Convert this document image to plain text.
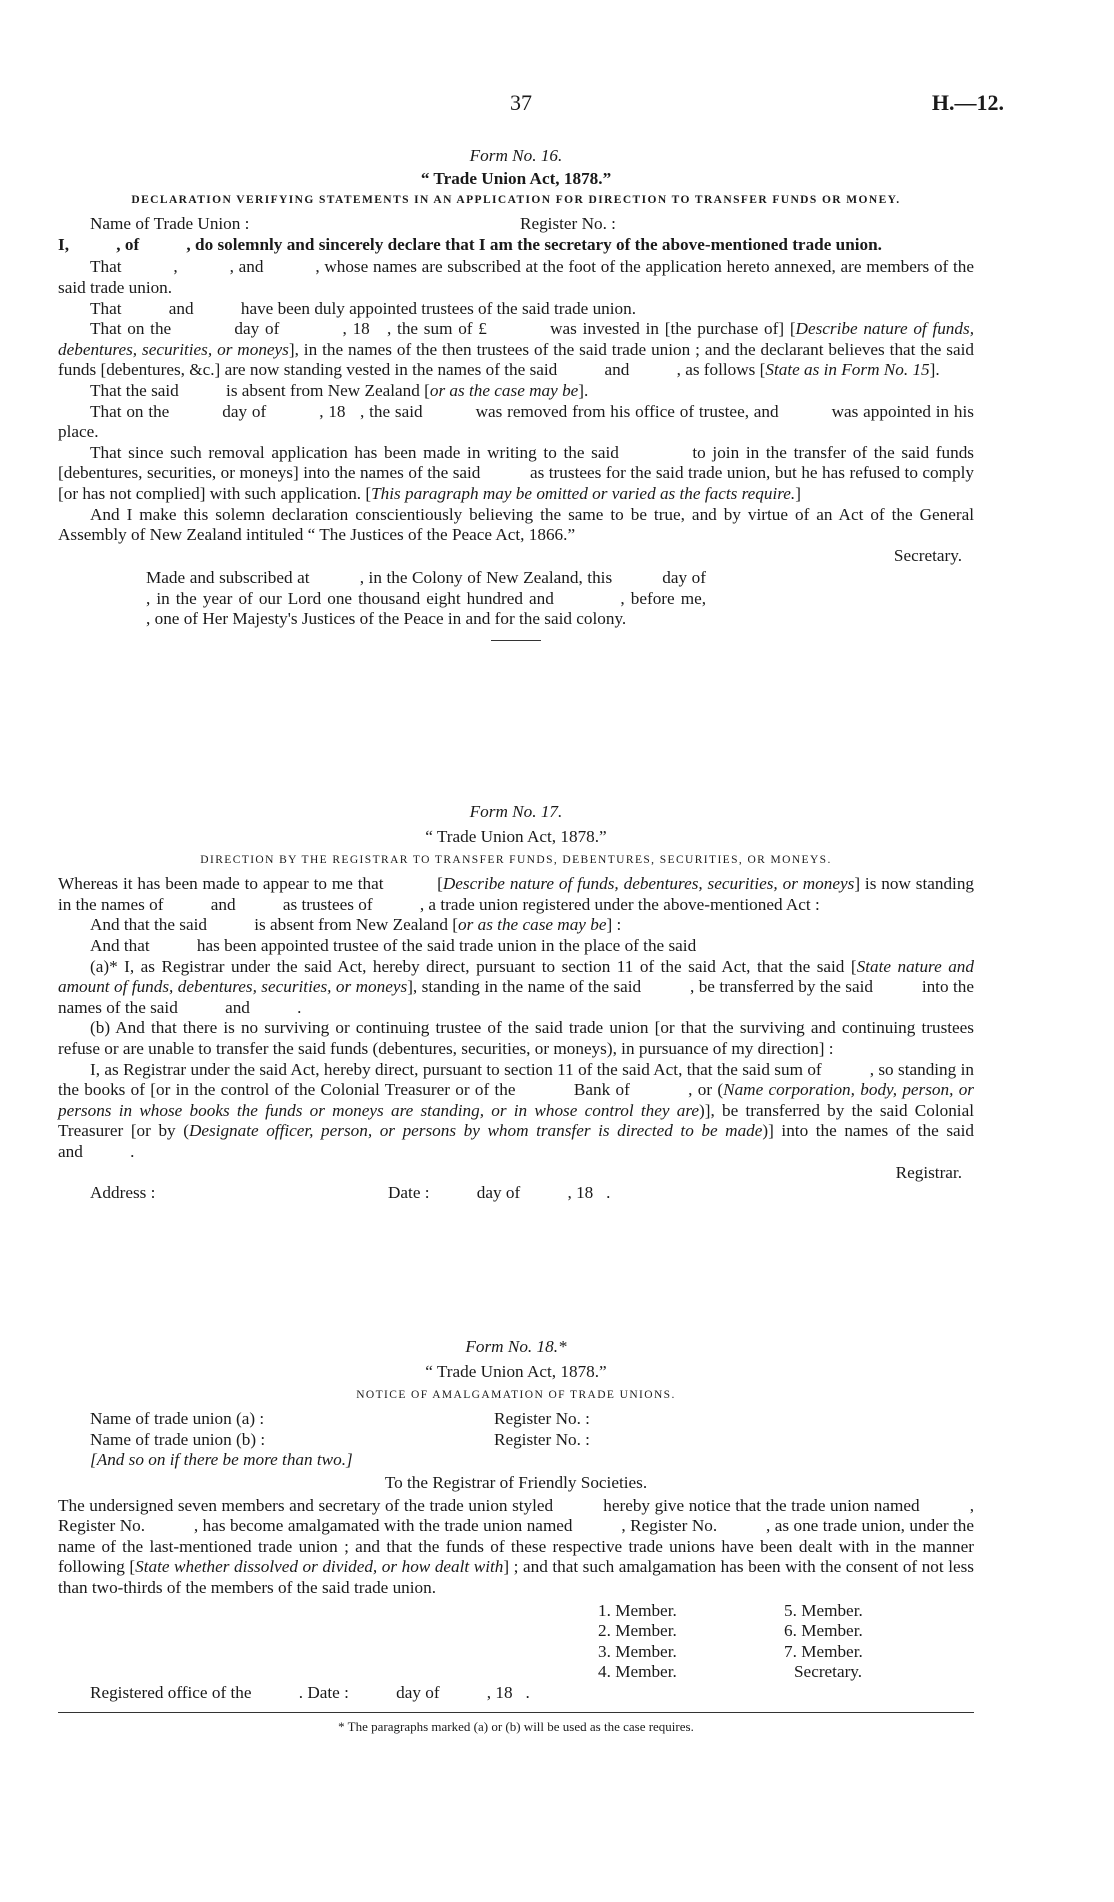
37	H.—12.
Form No. 16.
“ Trade Union Act, 1878.”
DECLARATION VERIFYING STATEMENTS IN AN APPLICATION FOR DIRECTION TO TRANSFER FUNDS OR MONEY.
Name of Trade Union :	Register No. :

I,           , of           , do solemnly and sincerely declare that I am the secretary of the above-mentioned trade union.

That           ,           , and           , whose names are subscribed at the foot of the application hereto annexed, are members of the said trade union.

That           and           have been duly appointed trustees of the said trade union.

That on the           day of           , 18   , the sum of £           was invested in [the purchase of] [Describe nature of funds, debentures, securities, or moneys], in the names of the then trustees of the said trade union ; and the declarant believes that the said funds [debentures, &c.] are now standing vested in the names of the said           and           , as follows [State as in Form No. 15].

That the said           is absent from New Zealand [or as the case may be].

That on the           day of           , 18   , the said           was removed from his office of trustee, and           was appointed in his place.

That since such removal application has been made in writing to the said           to join in the transfer of the said funds [debentures, securities, or moneys] into the names of the said           as trustees for the said trade union, but he has refused to comply [or has not complied] with such application. [This paragraph may be omitted or varied as the facts require.]

And I make this solemn declaration conscientiously believing the same to be true, and by virtue of an Act of the General Assembly of New Zealand intituled “ The Justices of the Peace Act, 1866.”

Secretary.

Made and subscribed at           , in the Colony of New Zealand, this           day of           , in the year of our Lord one thousand eight hundred and           , before me,           , one of Her Majesty's Justices of the Peace in and for the said colony.

Form No. 17.
“ Trade Union Act, 1878.”
DIRECTION BY THE REGISTRAR TO TRANSFER FUNDS, DEBENTURES, SECURITIES, OR MONEYS.

Whereas it has been made to appear to me that           [Describe nature of funds, debentures, securities, or moneys] is now standing in the names of           and           as trustees of           , a trade union registered under the above-mentioned Act :

And that the said           is absent from New Zealand [or as the case may be] :

And that           has been appointed trustee of the said trade union in the place of the said

(a)* I, as Registrar under the said Act, hereby direct, pursuant to section 11 of the said Act, that the said [State nature and amount of funds, debentures, securities, or moneys], standing in the name of the said           , be transferred by the said           into the names of the said           and           .

(b) And that there is no surviving or continuing trustee of the said trade union [or that the surviving and continuing trustees refuse or are unable to transfer the said funds (debentures, securities, or moneys), in pursuance of my direction] :

I, as Registrar under the said Act, hereby direct, pursuant to section 11 of the said Act, that the said sum of           , so standing in the books of [or in the control of the Colonial Treasurer or of the           Bank of           , or (Name corporation, body, person, or persons in whose books the funds or moneys are standing, or in whose control they are)], be transferred by the said Colonial Treasurer [or by (Designate officer, person, or persons by whom transfer is directed to be made)] into the names of the said           and           .

Registrar.
Address :	Date :           day of           , 18   .
Form No. 18.*
“ Trade Union Act, 1878.”
NOTICE OF AMALGAMATION OF TRADE UNIONS.
Name of trade union (a) :	Register No. :
Name of trade union (b) :	Register No. :
[And so on if there be more than two.]
To the Registrar of Friendly Societies.

The undersigned seven members and secretary of the trade union styled           hereby give notice that the trade union named           , Register No.           , has become amalgamated with the trade union named           , Register No.           , as one trade union, under the name of the last-mentioned trade union ; and that the funds of these respective trade unions have been dealt with in the manner following [State whether dissolved or divided, or how dealt with] ; and that such amalgamation has been with the consent of not less than two-thirds of the members of the said trade union.

1. Member.
2. Member.
3. Member.
4. Member.
5. Member.
6. Member.
7. Member.
Secretary.
Registered office of the           . Date :           day of           , 18   .
* The paragraphs marked (a) or (b) will be used as the case requires.
